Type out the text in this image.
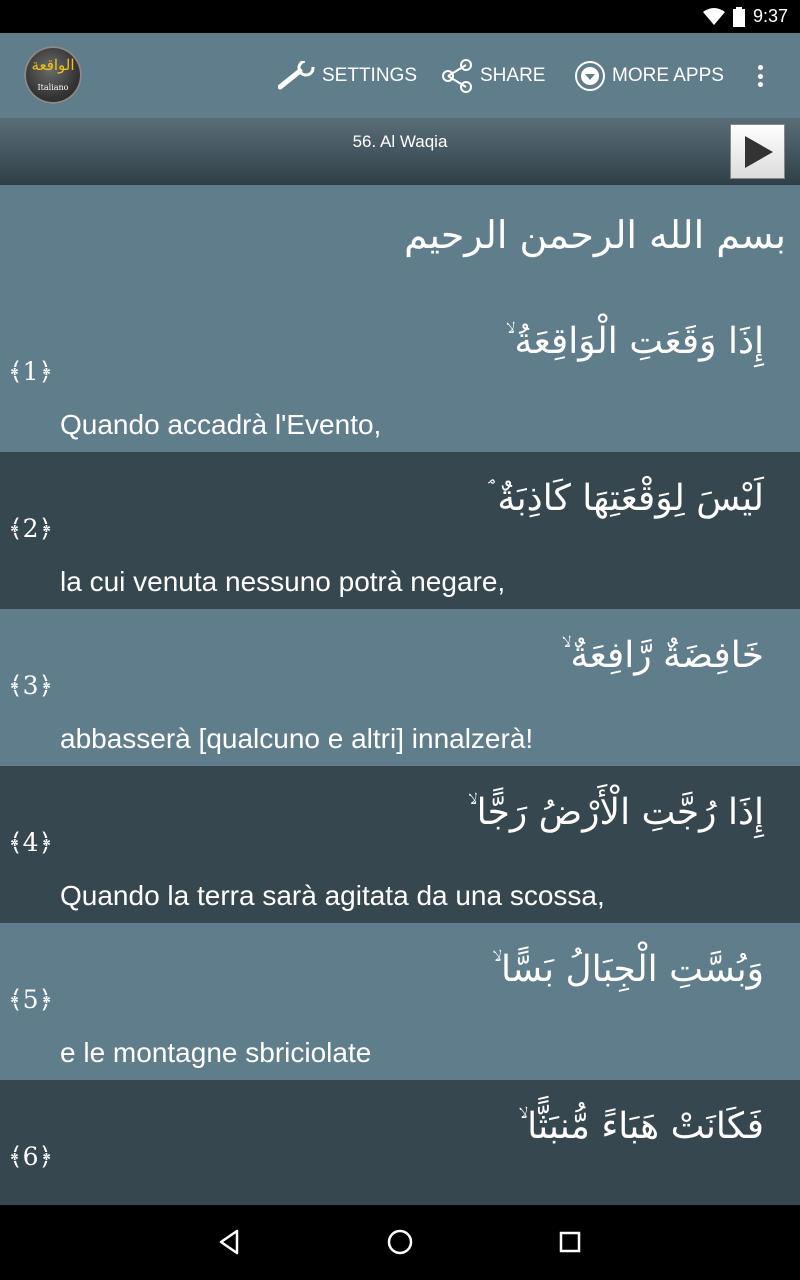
9:37
الواقعة
Italiano
SETTINGS	SHARE	MORE APPS
56. Al Waqia
بسم الله الرحمن الرحيم
إِذَا وَقَعَتِ الْوَاقِعَةُ ۙ
﴾1﴿
Quando accadrà l'Evento,
لَيْسَ لِوَقْعَتِهَا كَاذِبَةٌ ۘ
﴾2﴿
la cui venuta nessuno potrà negare,
خَافِضَةٌ رَّافِعَةٌ ۙ
﴾3﴿
abbasserà [qualcuno e altri] innalzerà!
إِذَا رُجَّتِ الْأَرْضُ رَجًّا ۙ
﴾4﴿
Quando la terra sarà agitata da una scossa,
وَبُسَّتِ الْجِبَالُ بَسًّا ۙ
﴾5﴿
e le montagne sbriciolate
فَكَانَتْ هَبَاءً مُّنبَثًّا ۙ
﴾6﴿
